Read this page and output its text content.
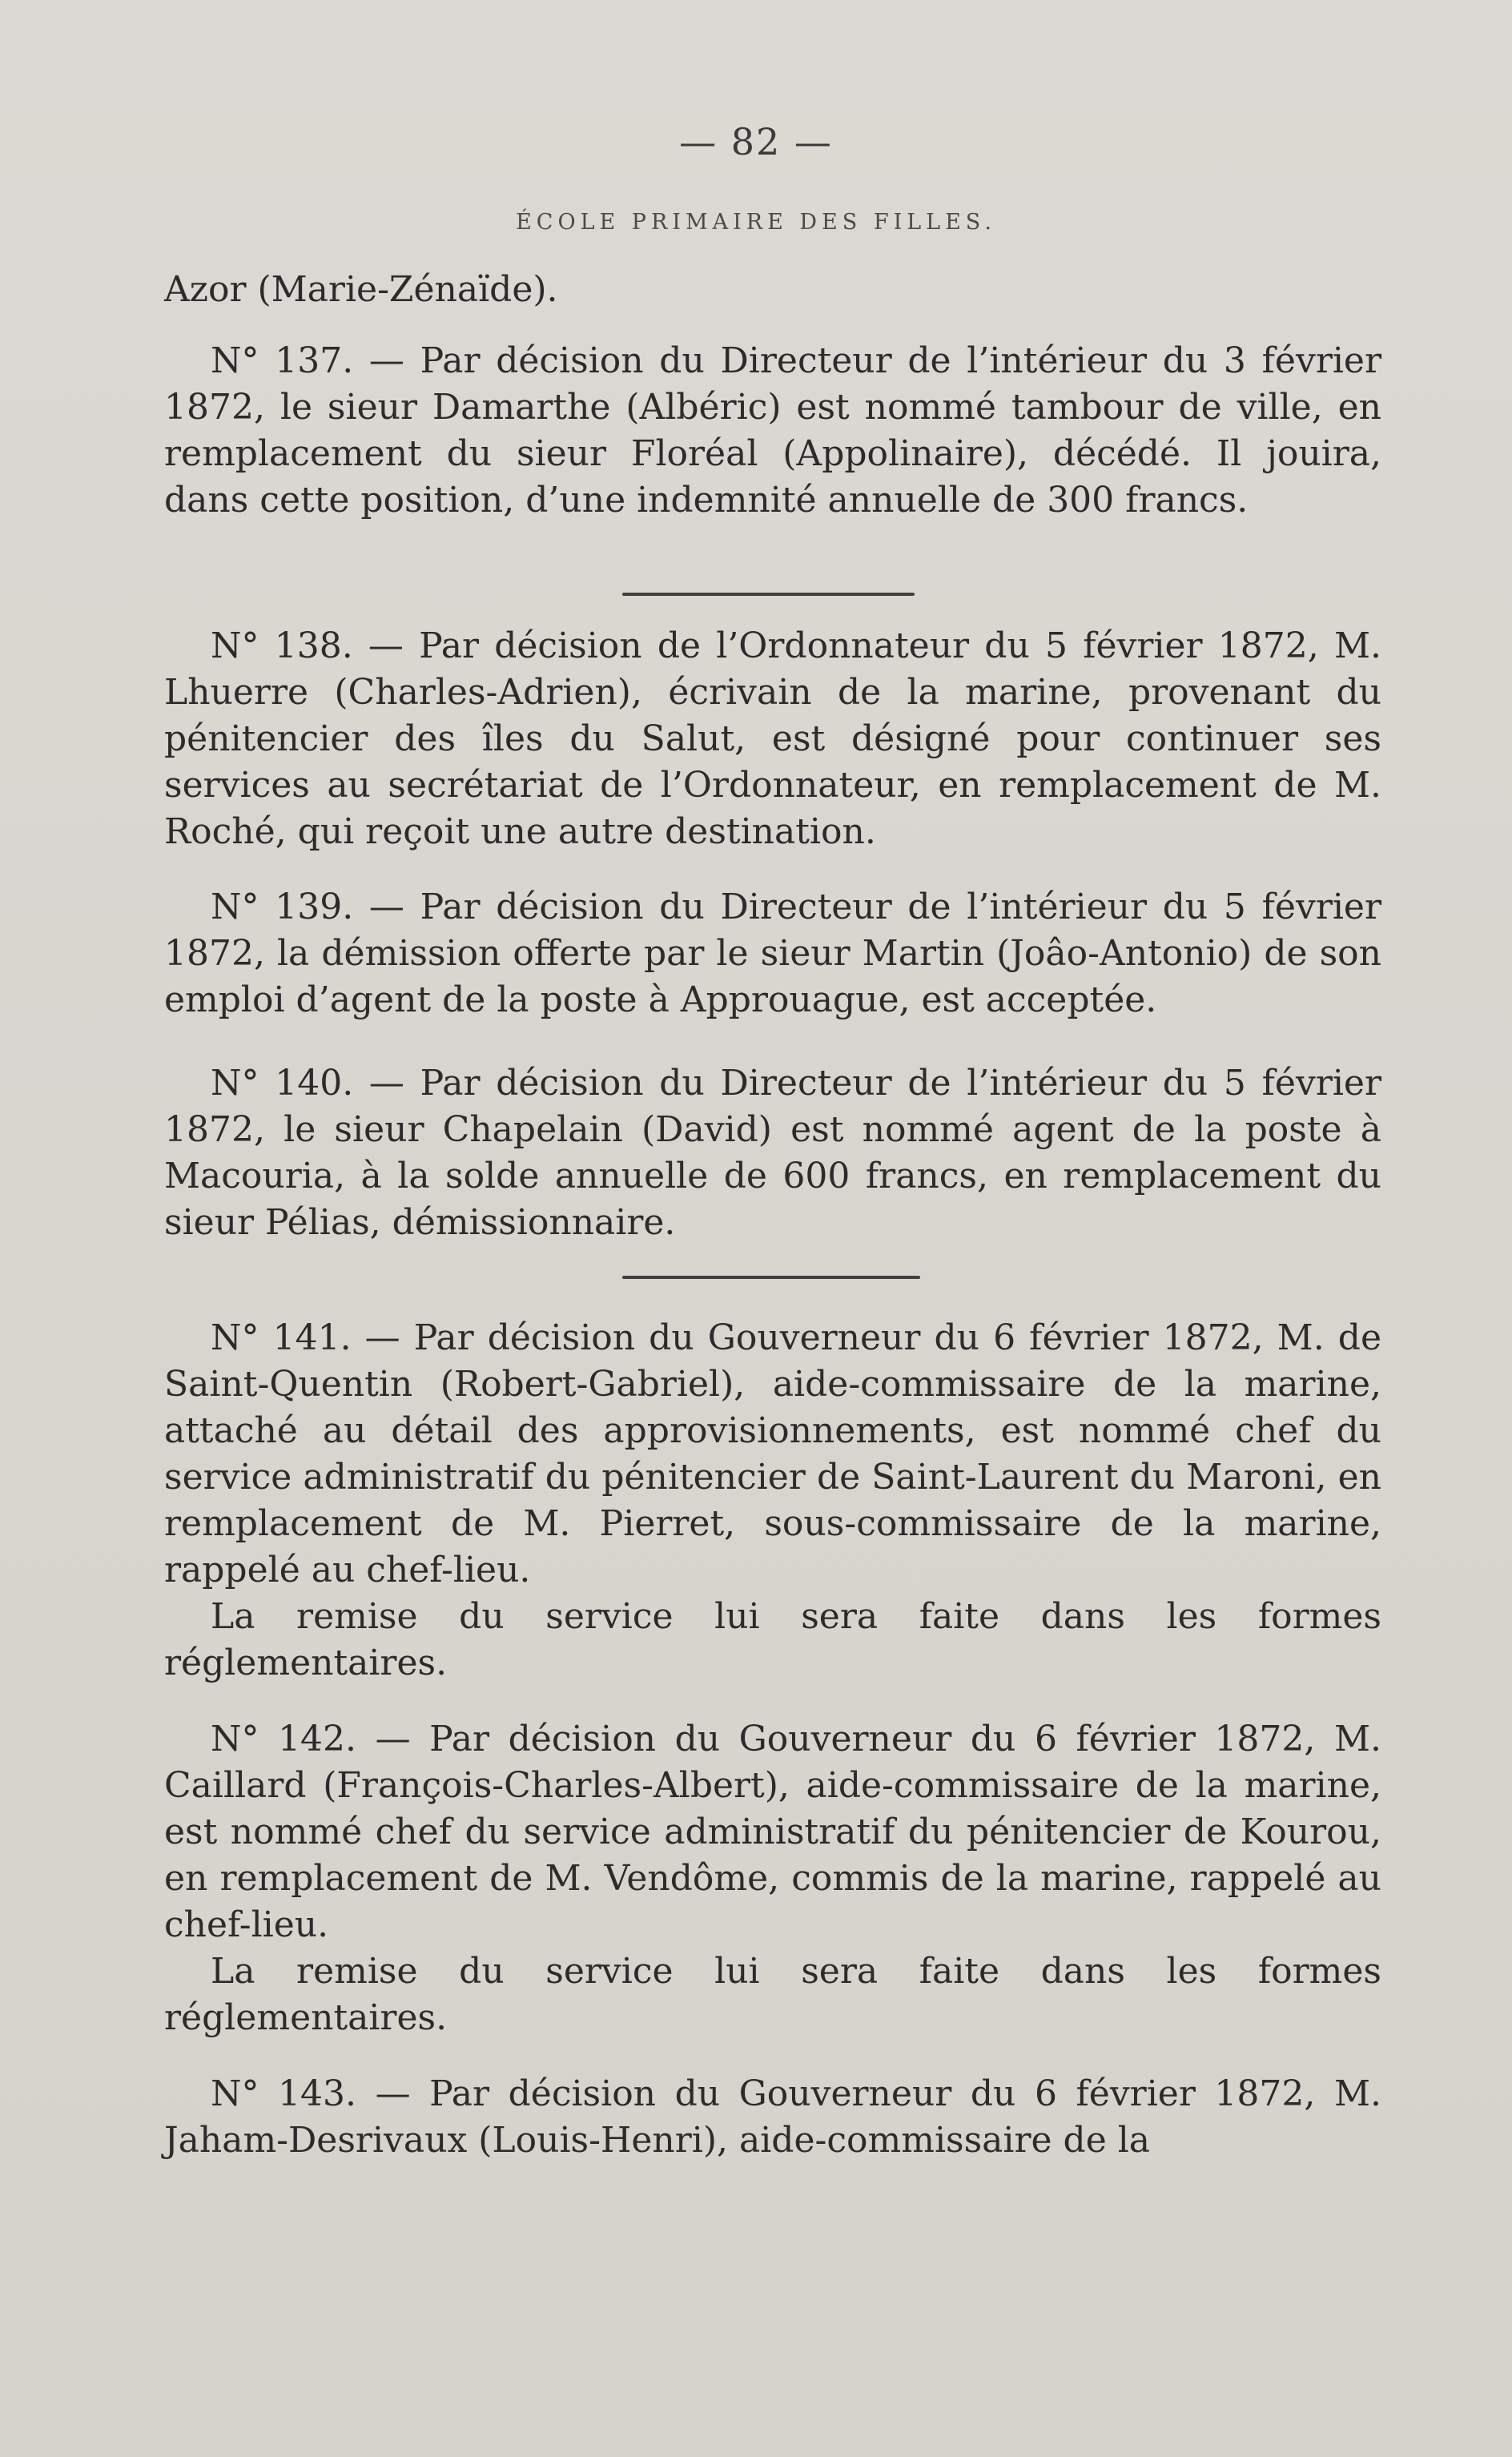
— 82 —
ÉCOLE PRIMAIRE DES FILLES.

Azor (Marie-Zénaïde).

N° 137. — Par décision du Directeur de l’intérieur du 3 février 1872, le sieur Damarthe (Albéric) est nommé tambour de ville, en remplacement du sieur Floréal (Appolinaire), décédé. Il jouira, dans cette position, d’une indemnité annuelle de 300 francs.

N° 138. — Par décision de l’Ordonnateur du 5 février 1872, M. Lhuerre (Charles-Adrien), écrivain de la marine, provenant du pénitencier des îles du Salut, est désigné pour continuer ses services au secrétariat de l’Ordonnateur, en remplacement de M. Roché, qui reçoit une autre destination.

N° 139. — Par décision du Directeur de l’intérieur du 5 février 1872, la démission offerte par le sieur Martin (Joâo-Antonio) de son emploi d’agent de la poste à Approuague, est acceptée.

N° 140. — Par décision du Directeur de l’intérieur du 5 février 1872, le sieur Chapelain (David) est nommé agent de la poste à Macouria, à la solde annuelle de 600 francs, en remplacement du sieur Pélias, démissionnaire.

N° 141. — Par décision du Gouverneur du 6 février 1872, M. de Saint-Quentin (Robert-Gabriel), aide-commissaire de la marine, attaché au détail des approvisionnements, est nommé chef du service administratif du pénitencier de Saint-Laurent du Maroni, en remplacement de M. Pierret, sous-commissaire de la marine, rappelé au chef-lieu.

La remise du service lui sera faite dans les formes réglementaires.

N° 142. — Par décision du Gouverneur du 6 février 1872, M. Caillard (François-Charles-Albert), aide-commissaire de la marine, est nommé chef du service administratif du pénitencier de Kourou, en remplacement de M. Vendôme, commis de la marine, rappelé au chef-lieu.

La remise du service lui sera faite dans les formes réglementaires.

N° 143. — Par décision du Gouverneur du 6 février 1872, M. Jaham-Desrivaux (Louis-Henri), aide-commissaire de la
